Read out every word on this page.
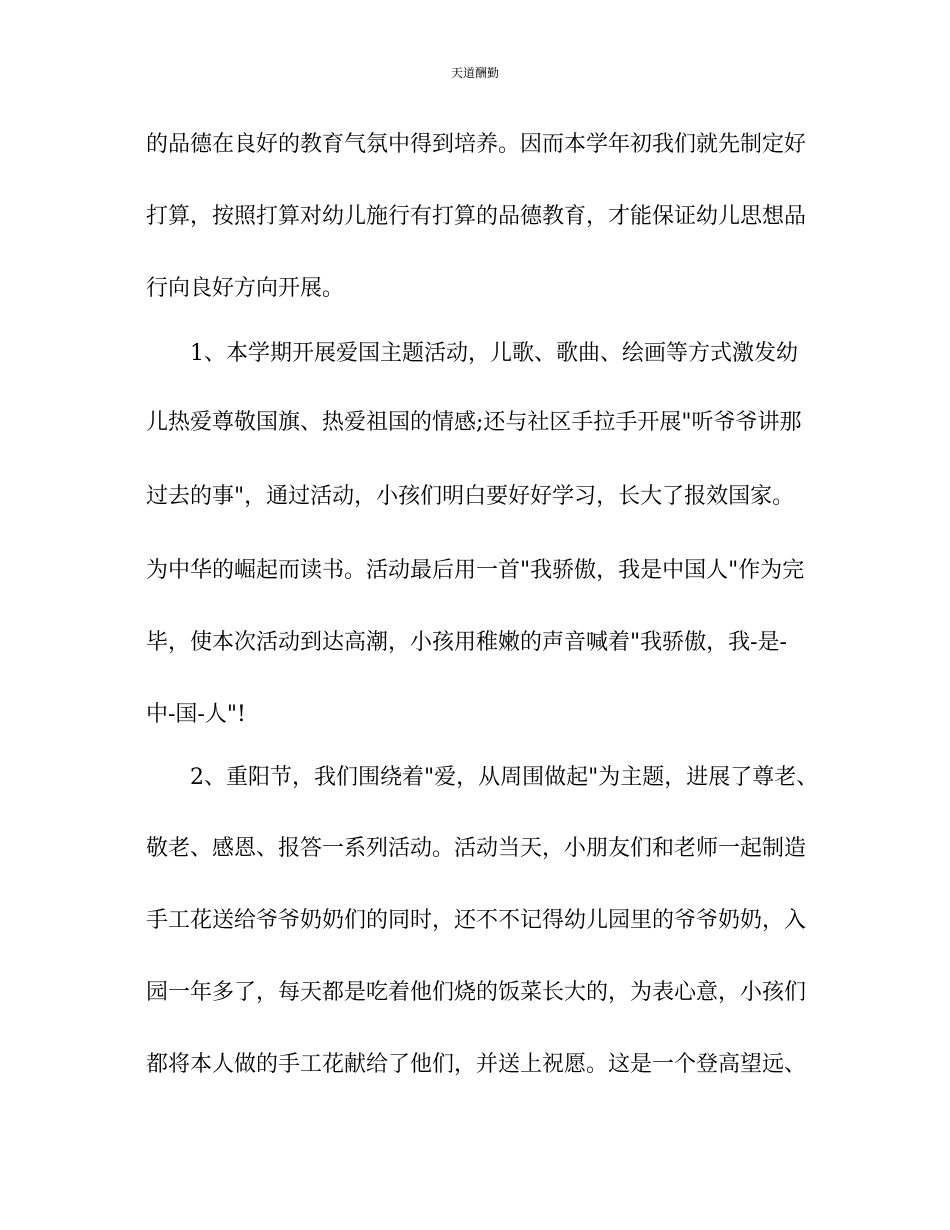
天道酬勤
的品德在良好的教育气氛中得到培养。因而本学年初我们就先制定好
打算，按照打算对幼儿施行有打算的品德教育，才能保证幼儿思想品
行向良好方向开展。
1、本学期开展爱国主题活动，儿歌、歌曲、绘画等方式激发幼
儿热爱尊敬国旗、热爱祖国的情感;还与社区手拉手开展"听爷爷讲那
过去的事"，通过活动，小孩们明白要好好学习，长大了报效国家。
为中华的崛起而读书。活动最后用一首"我骄傲，我是中国人"作为完
毕，使本次活动到达高潮，小孩用稚嫩的声音喊着"我骄傲，我-是-
中-国-人"!
2、重阳节，我们围绕着"爱，从周围做起"为主题，进展了尊老、
敬老、感恩、报答一系列活动。活动当天，小朋友们和老师一起制造
手工花送给爷爷奶奶们的同时，还不不记得幼儿园里的爷爷奶奶，入
园一年多了，每天都是吃着他们烧的饭菜长大的，为表心意，小孩们
都将本人做的手工花献给了他们，并送上祝愿。这是一个登高望远、
